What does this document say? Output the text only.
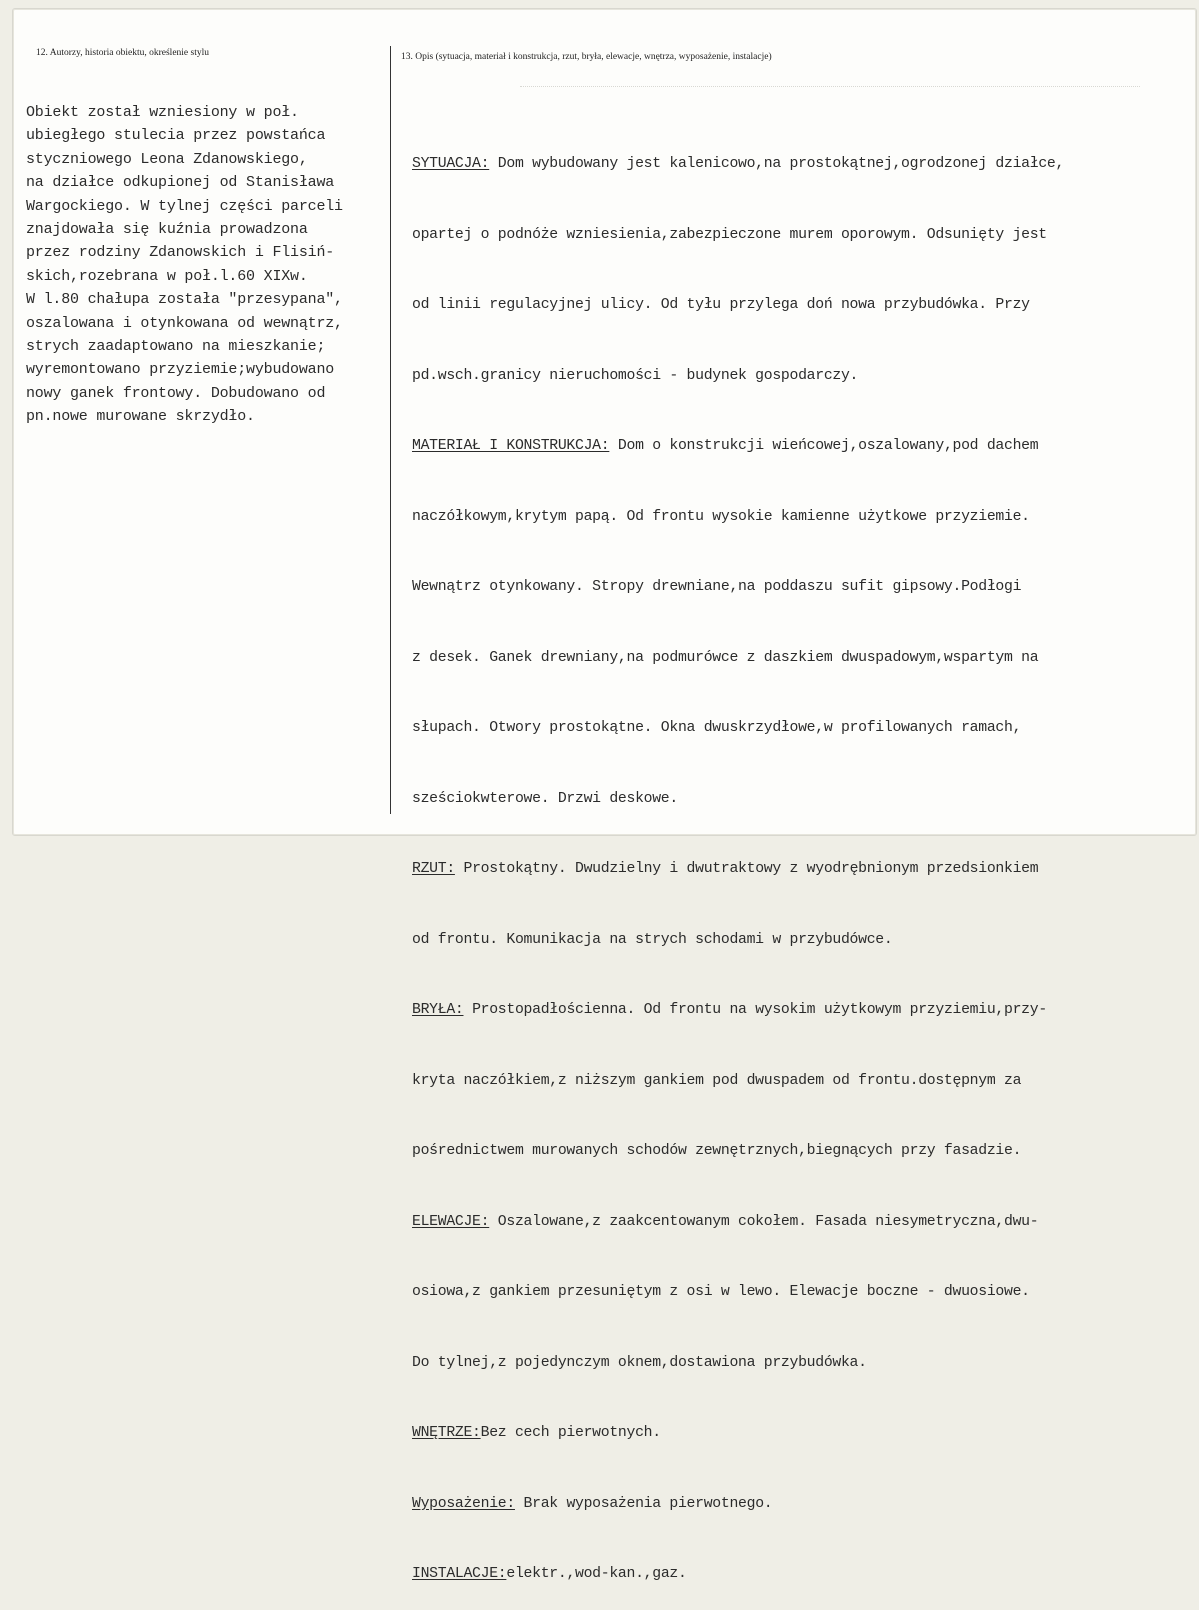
12. Autorzy, historia obiektu, określenie stylu	13. Opis (sytuacja, materiał i konstrukcja, rzut, bryła, elewacje, wnętrza, wyposażenie, instalacje)
Obiekt został wzniesiony w poł.
ubiegłego stulecia przez powstańca
styczniowego Leona Zdanowskiego,
na działce odkupionej od Stanisława
Wargockiego. W tylnej części parceli
znajdowała się kuźnia prowadzona
przez rodziny Zdanowskich i Flisiń-
skich,rozebrana w poł.l.60 XIXw.
W l.80 chałupa została "przesypana",
oszalowana i otynkowana od wewnątrz,
strych zaadaptowano na mieszkanie;
wyremontowano przyziemie;wybudowano
nowy ganek frontowy. Dobudowano od
pn.nowe murowane skrzydło.

SYTUACJA: Dom wybudowany jest kalenicowo,na prostokątnej,ogrodzonej działce,

opartej o podnóże wzniesienia,zabezpieczone murem oporowym. Odsunięty jest

od linii regulacyjnej ulicy. Od tyłu przylega doń nowa przybudówka. Przy

pd.wsch.granicy nieruchomości - budynek gospodarczy.

MATERIAŁ I KONSTRUKCJA: Dom o konstrukcji wieńcowej,oszalowany,pod dachem

naczółkowym,krytym papą. Od frontu wysokie kamienne użytkowe przyziemie.

Wewnątrz otynkowany. Stropy drewniane,na poddaszu sufit gipsowy.Podłogi

z desek. Ganek drewniany,na podmurówce z daszkiem dwuspadowym,wspartym na

słupach. Otwory prostokątne. Okna dwuskrzydłowe,w profilowanych ramach,

sześciokwterowe. Drzwi deskowe.

RZUT: Prostokątny. Dwudzielny i dwutraktowy z wyodrębnionym przedsionkiem

od frontu. Komunikacja na strych schodami w przybudówce.

BRYŁA: Prostopadłościenna. Od frontu na wysokim użytkowym przyziemiu,przy-

kryta naczółkiem,z niższym gankiem pod dwuspadem od frontu.dostępnym za

pośrednictwem murowanych schodów zewnętrznych,biegnących przy fasadzie.

ELEWACJE: Oszalowane,z zaakcentowanym cokołem. Fasada niesymetryczna,dwu-

osiowa,z gankiem przesuniętym z osi w lewo. Elewacje boczne - dwuosiowe.

Do tylnej,z pojedynczym oknem,dostawiona przybudówka.

WNĘTRZE:Bez cech pierwotnych.

Wyposażenie: Brak wyposażenia pierwotnego.

INSTALACJE:elektr.,wod-kan.,gaz.
